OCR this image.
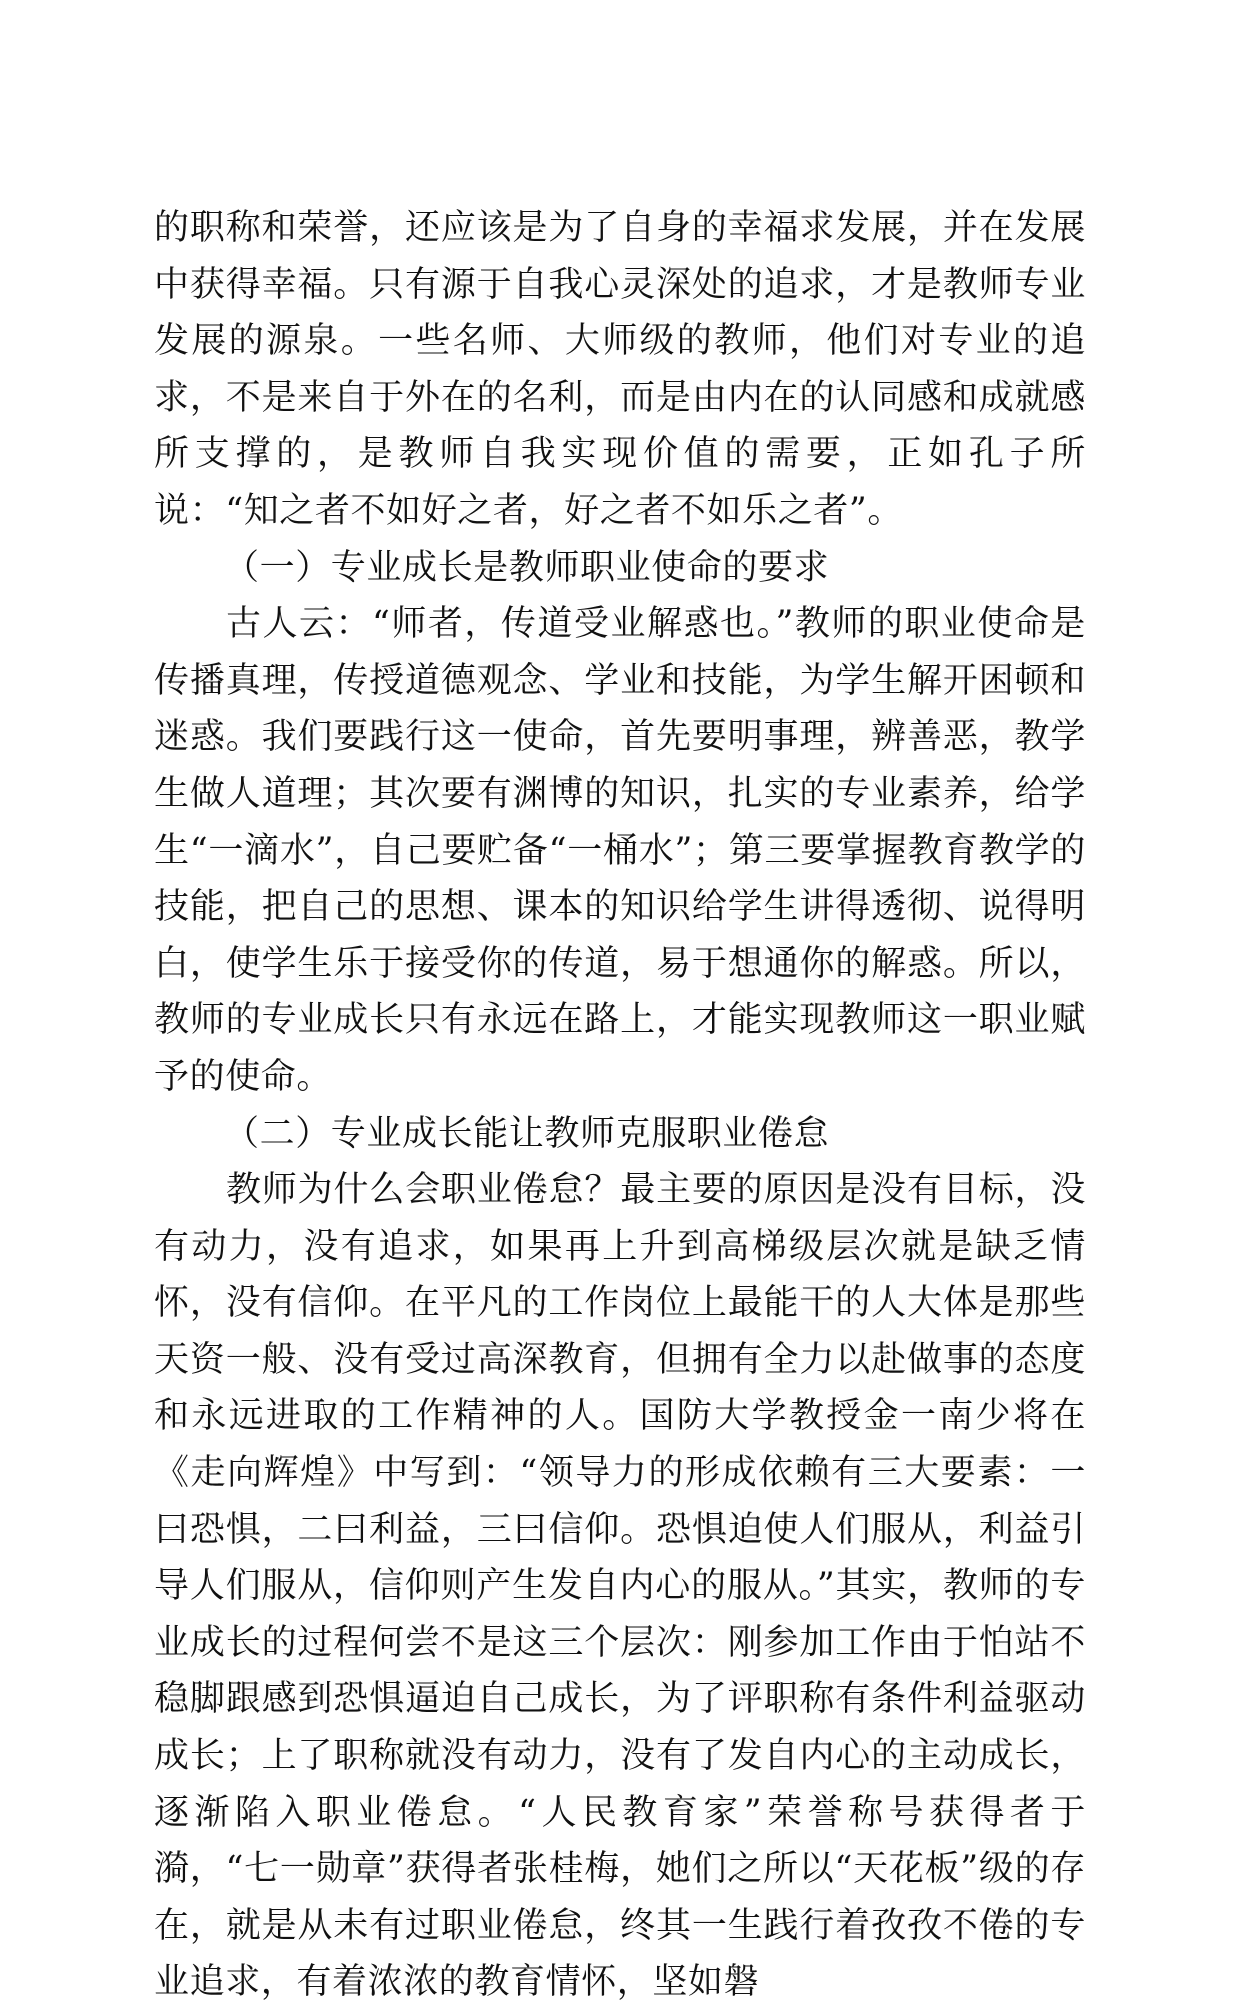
的职称和荣誉，还应该是为了自身的幸福求发展，并在发展中获得幸福。只有源于自我心灵深处的追求，才是教师专业发展的源泉。一些名师、大师级的教师，他们对专业的追求，不是来自于外在的名利，而是由内在的认同感和成就感所支撑的，是教师自我实现价值的需要，正如孔子所说：“知之者不如好之者，好之者不如乐之者”。

（一）专业成长是教师职业使命的要求

古人云：“师者，传道受业解惑也。”教师的职业使命是传播真理，传授道德观念、学业和技能，为学生解开困顿和迷惑。我们要践行这一使命，首先要明事理，辨善恶，教学生做人道理；其次要有渊博的知识，扎实的专业素养，给学生“一滴水”，自己要贮备“一桶水”；第三要掌握教育教学的技能，把自己的思想、课本的知识给学生讲得透彻、说得明白，使学生乐于接受你的传道，易于想通你的解惑。所以，教师的专业成长只有永远在路上，才能实现教师这一职业赋予的使命。

（二）专业成长能让教师克服职业倦怠

教师为什么会职业倦怠？最主要的原因是没有目标，没有动力，没有追求，如果再上升到高梯级层次就是缺乏情怀，没有信仰。在平凡的工作岗位上最能干的人大体是那些天资一般、没有受过高深教育，但拥有全力以赴做事的态度和永远进取的工作精神的人。国防大学教授金一南少将在《走向辉煌》中写到：“领导力的形成依赖有三大要素：一曰恐惧，二曰利益，三曰信仰。恐惧迫使人们服从，利益引导人们服从，信仰则产生发自内心的服从。”其实，教师的专业成长的过程何尝不是这三个层次：刚参加工作由于怕站不稳脚跟感到恐惧逼迫自己成长，为了评职称有条件利益驱动成长；上了职称就没有动力，没有了发自内心的主动成长，逐渐陷入职业倦怠。“人民教育家”荣誉称号获得者于漪，“七一勋章”获得者张桂梅，她们之所以“天花板”级的存在，就是从未有过职业倦怠，终其一生践行着孜孜不倦的专业追求，有着浓浓的教育情怀，坚如磐
